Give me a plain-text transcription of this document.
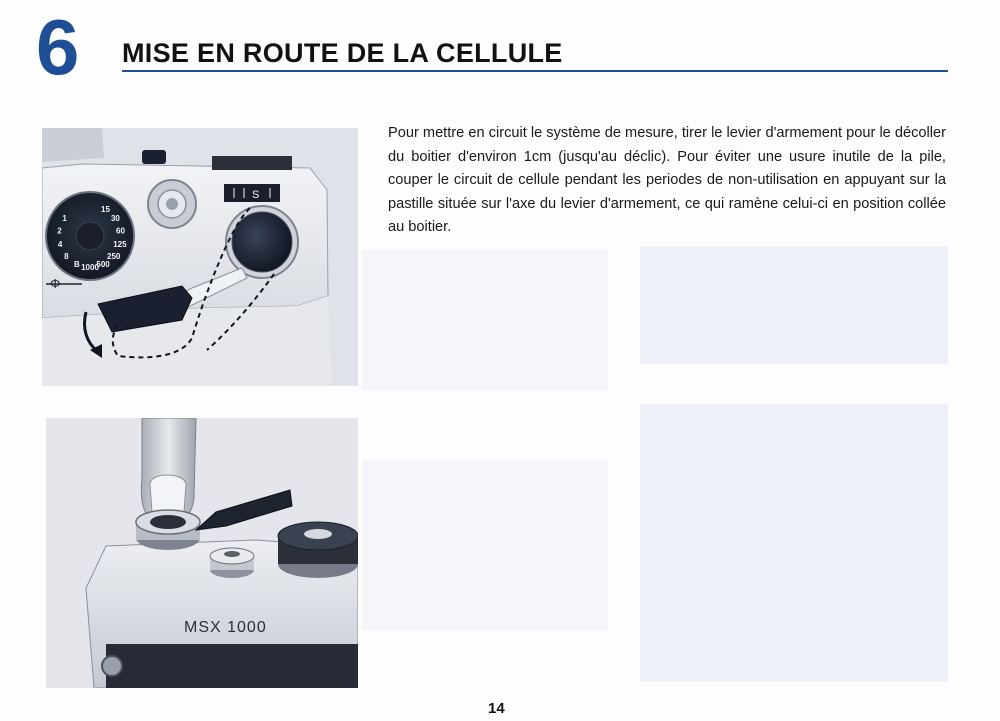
6 MISE EN ROUTE DE LA CELLULE

Pour mettre en circuit le système de mesure, tirer le levier d'armement pour le décoller du boitier d'environ 1cm (jusqu'au déclic). Pour éviter une usure inutile de la pile, couper le circuit de cellule pendant les periodes de non-utilisation en appuyant sur la pastille située sur l'axe du levier d'armement, ce qui ramène celui-ci en position collée au boitier.

15
30
60
125
250
500
1000
B
8
4
2
1
Φ
S
MSX 1000
14
